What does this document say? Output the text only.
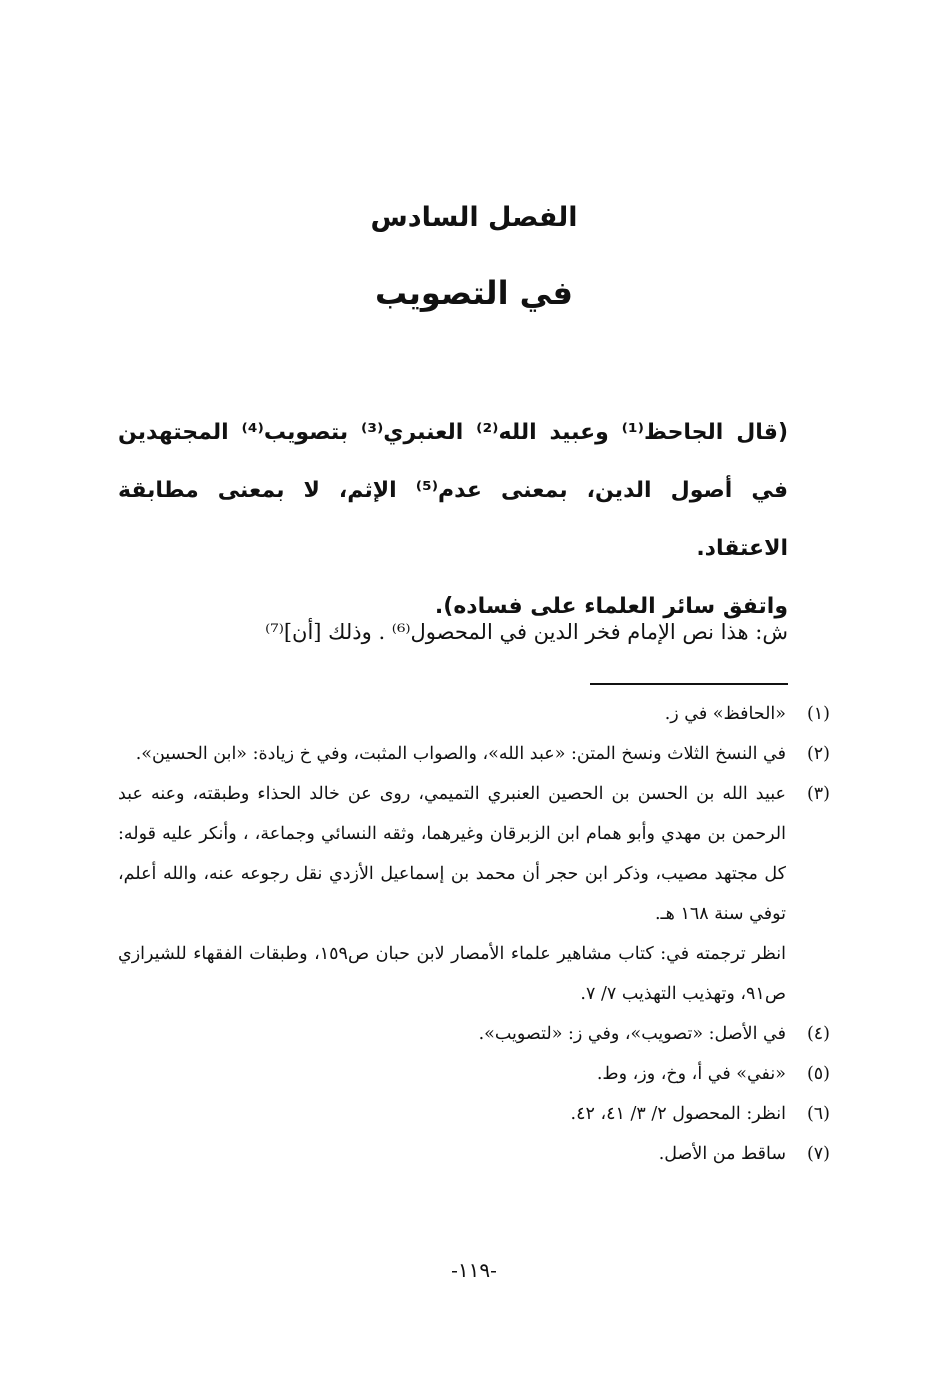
الفصل السادس
في التصويب

(قال الجاحظ⁽¹⁾ وعبيد الله⁽²⁾ العنبري⁽³⁾ بتصويب⁽⁴⁾ المجتهدين في أصول الدين، بمعنى عدم⁽⁵⁾ الإثم، لا بمعنى مطابقة الاعتقاد.

واتفق سائر العلماء على فساده).

ش: هذا نص الإمام فخر الدين في المحصول⁽⁶⁾ . وذلك [أن]⁽⁷⁾
(١)
«الحافظ» في ز.
(٢)
في النسخ الثلاث ونسخ المتن: «عبد الله»، والصواب المثبت، وفي خ زيادة: «ابن الحسين».
(٣)

عبيد الله بن الحسن بن الحصين العنبري التميمي، روى عن خالد الحذاء وطبقته، وعنه عبد الرحمن بن مهدي وأبو همام ابن الزبرقان وغيرهما، وثقه النسائي وجماعة، ، وأنكر عليه قوله: كل مجتهد مصيب، وذكر ابن حجر أن محمد بن إسماعيل الأزدي نقل رجوعه عنه، والله أعلم، توفي سنة ١٦٨ هـ.

انظر ترجمته في: كتاب مشاهير علماء الأمصار لابن حبان ص١٥٩، وطبقات الفقهاء للشيرازي ص٩١، وتهذيب التهذيب ٧/ ٧.

(٤)
في الأصل: «تصويب»، وفي ز: «لتصويب».
(٥)
«نفي» في أ، وخ، وز، وط.
(٦)
انظر: المحصول ٢/ ٣/ ٤١، ٤٢.
(٧)
ساقط من الأصل.
-١١٩-
